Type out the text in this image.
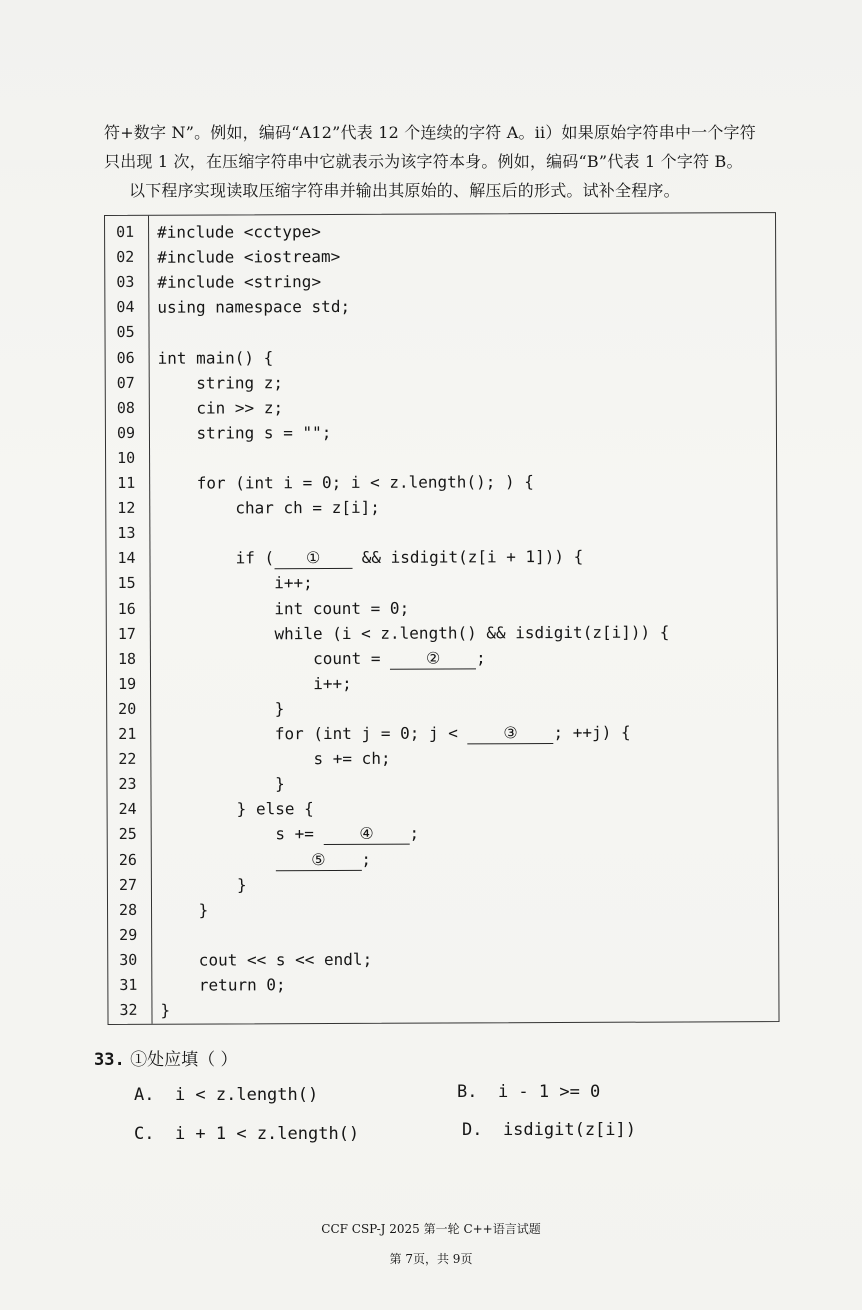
符+数字 N”。例如，编码“A12”代表 12 个连续的字符 A。ii）如果原始字符串中一个字符

只出现 1 次，在压缩字符串中它就表示为该字符本身。例如，编码“B”代表 1 个字符 B。

以下程序实现读取压缩字符串并输出其原始的、解压后的形式。试补全程序。

01	#include <cctype>
02	#include <iostream>
03	#include <string>
04	using namespace std;
05
06	int main() {
07	string z;
08	cin >> z;
09	string s = "";
10
11	for (int i = 0; i < z.length(); ) {
12	char ch = z[i];
13
14	if ( ① && isdigit(z[i + 1])) {
15	i++;
16	int count = 0;
17	while (i < z.length() && isdigit(z[i])) {
18	count = ② ;
19	i++;
20	}
21	for (int j = 0; j < ③ ; ++j) {
22	s += ch;
23	}
24	} else {
25	s += ④ ;
26	⑤ ;
27	}
28	}
29
30	cout << s << endl;
31	return 0;
32	}
33. ①处应填（ ）
A.  i < z.length()	B.  i - 1 >= 0
C.  i + 1 < z.length()	D.  isdigit(z[i])
CCF CSP-J 2025 第一轮 C++语言试题
第 7页，共 9页
